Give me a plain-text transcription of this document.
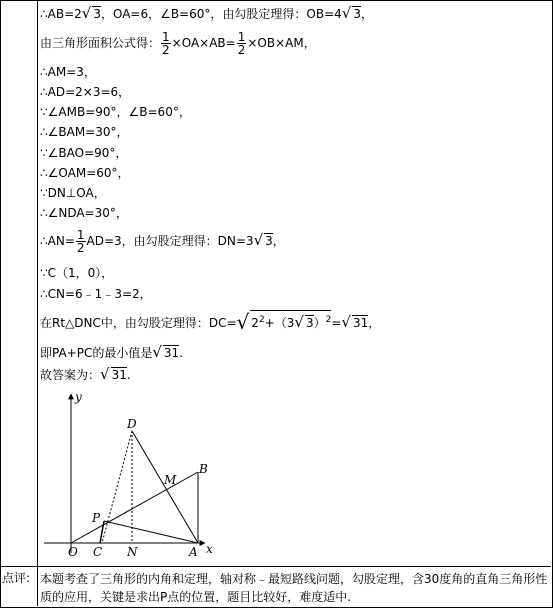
∴AB=2√ 3，OA=6，∠B=60°，由勾股定理得：OB=4√ 3，
由三角形面积公式得： $\frac{1}{2} \times OA\times AB= \frac{1}{2} \times OB\times AM$，
∴AM=3，
∴AD=2×3=6，
∵∠AMB=90°，∠B=60°，
∴∠BAM=30°，
∵∠BAO=90°，
∴∠OAM=60°，
∵DN⊥OA，
∴∠NDA=30°，
∴AN= $\frac{1}{2} AD=3$，由勾股定理得：DN=3√ 3，
∵C（1，0），
∴CN=6﹣1﹣3=2，
在Rt△DNC中，由勾股定理得：DC=√ $2^2+(3√$ 3）$^2$=√ 31，
即PA+PC的最小值是√ 31.
故答案为：√ 31.
y
x
O C N	A
P
M
B
D
点评: 本题考查了三角形的内角和定理，轴对称﹣最短路线问题，勾股定理，含30度角的直角三角形性质的应用，关键是求出P点的位置，题目比较好，难度适中.
